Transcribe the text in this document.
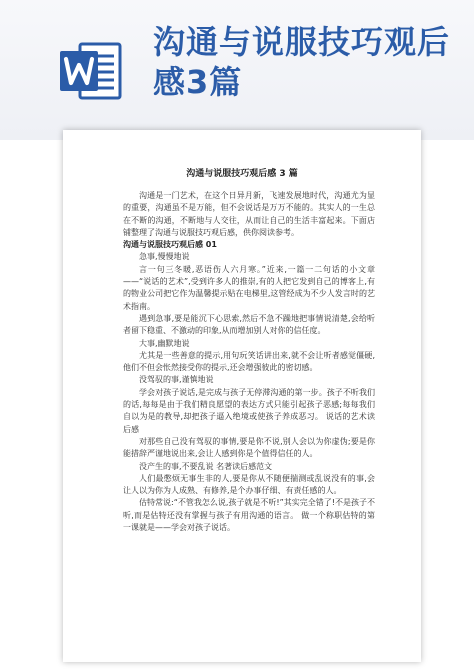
沟通与说服技巧观后感3篇
沟通与说服技巧观后感 3 篇

沟通是一门艺术，在这个日异月新，飞速发展地时代，沟通尤为显的重要，沟通虽不是万能，但不会说话是万万不能的。其实人的一生总在不断的沟通，不断地与人交往，从而让自己的生活丰富起来。下面店铺整理了沟通与说服技巧观后感，供你阅读参考。

沟通与说服技巧观后感 01

急事,慢慢地说

言一句三冬暖,恶语伤人六月寒。”近来,一篇一二句话的小文章——“说话的艺术”,受到许多人的推崇,有的人把它发到自己的博客上,有的物业公司把它作为温馨提示贴在电梯里,这管经成为不少人发言时的艺术指南。

遇到急事,要是能沉下心思索,然后不急不躁地把事情说清楚,会给听者留下稳重、不激动的印象,从而增加别人对你的信任度。

大事,幽默地说

尤其是一些善意的提示,用句玩笑话讲出来,就不会让听者感觉僵硬,他们不但会怅然接受你的提示,还会增强彼此的密切感。

没驾驭的事,谨慎地说

学会对孩子说话,是完成与孩子无停滞沟通的第一步。孩子不听我们的话,每每是由于我们精良愿望的表达方式只能引起孩子恶感;每每我们自以为是的教导,却把孩子逼入绝境或使孩子养成恶习。 说话的艺术读后感

对那些自己没有驾驭的事情,要是你不说,别人会以为你虚伪;要是你能措辞严谨地说出来,会让人感到你是个值得信任的人。

没产生的事,不要乱说 名著读后感范文

人们最憋烦无事生非的人,要是你从不随便揣测或乱说没有的事,会让人以为你为人成熟、有修养,是个办事仔细、有责任感的人。

估特常说:“不管我怎么说,孩子就是不听!”其实完全错了!不是孩子不听,而是估特还没有掌握与孩子有用沟通的语言。 做一个称职估特的第一课就是——学会对孩子说话。
